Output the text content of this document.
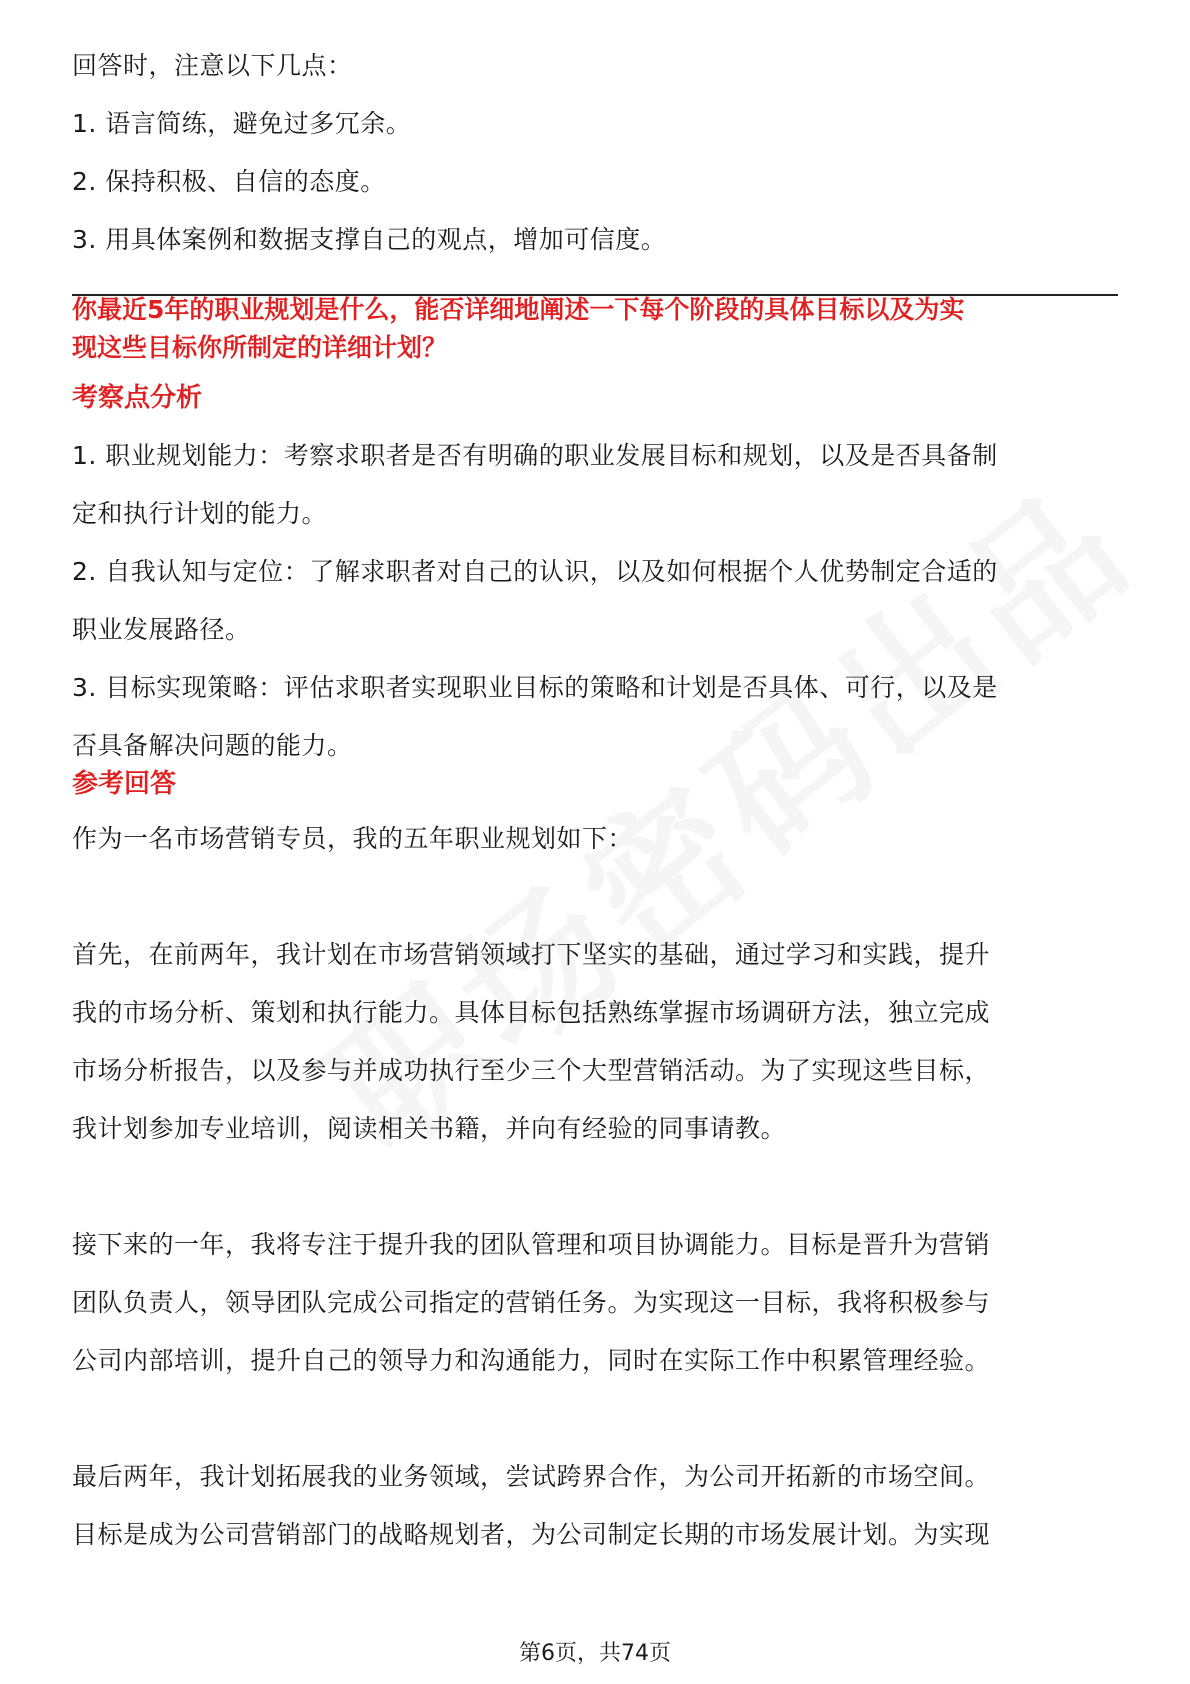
回答时，注意以下几点：

1. 语言简练，避免过多冗余。

2. 保持积极、自信的态度。

3. 用具体案例和数据支撑自己的观点，增加可信度。

你最近5年的职业规划是什么，能否详细地阐述一下每个阶段的具体目标以及为实

现这些目标你所制定的详细计划？

考察点分析

1. 职业规划能力：考察求职者是否有明确的职业发展目标和规划，以及是否具备制

定和执行计划的能力。

2. 自我认知与定位：了解求职者对自己的认识，以及如何根据个人优势制定合适的

职业发展路径。

3. 目标实现策略：评估求职者实现职业目标的策略和计划是否具体、可行，以及是

否具备解决问题的能力。

参考回答

作为一名市场营销专员，我的五年职业规划如下：

首先，在前两年，我计划在市场营销领域打下坚实的基础，通过学习和实践，提升

我的市场分析、策划和执行能力。具体目标包括熟练掌握市场调研方法，独立完成

市场分析报告，以及参与并成功执行至少三个大型营销活动。为了实现这些目标，

我计划参加专业培训，阅读相关书籍，并向有经验的同事请教。

接下来的一年，我将专注于提升我的团队管理和项目协调能力。目标是晋升为营销

团队负责人，领导团队完成公司指定的营销任务。为实现这一目标，我将积极参与

公司内部培训，提升自己的领导力和沟通能力，同时在实际工作中积累管理经验。

最后两年，我计划拓展我的业务领域，尝试跨界合作，为公司开拓新的市场空间。

目标是成为公司营销部门的战略规划者，为公司制定长期的市场发展计划。为实现

第6页，共74页
